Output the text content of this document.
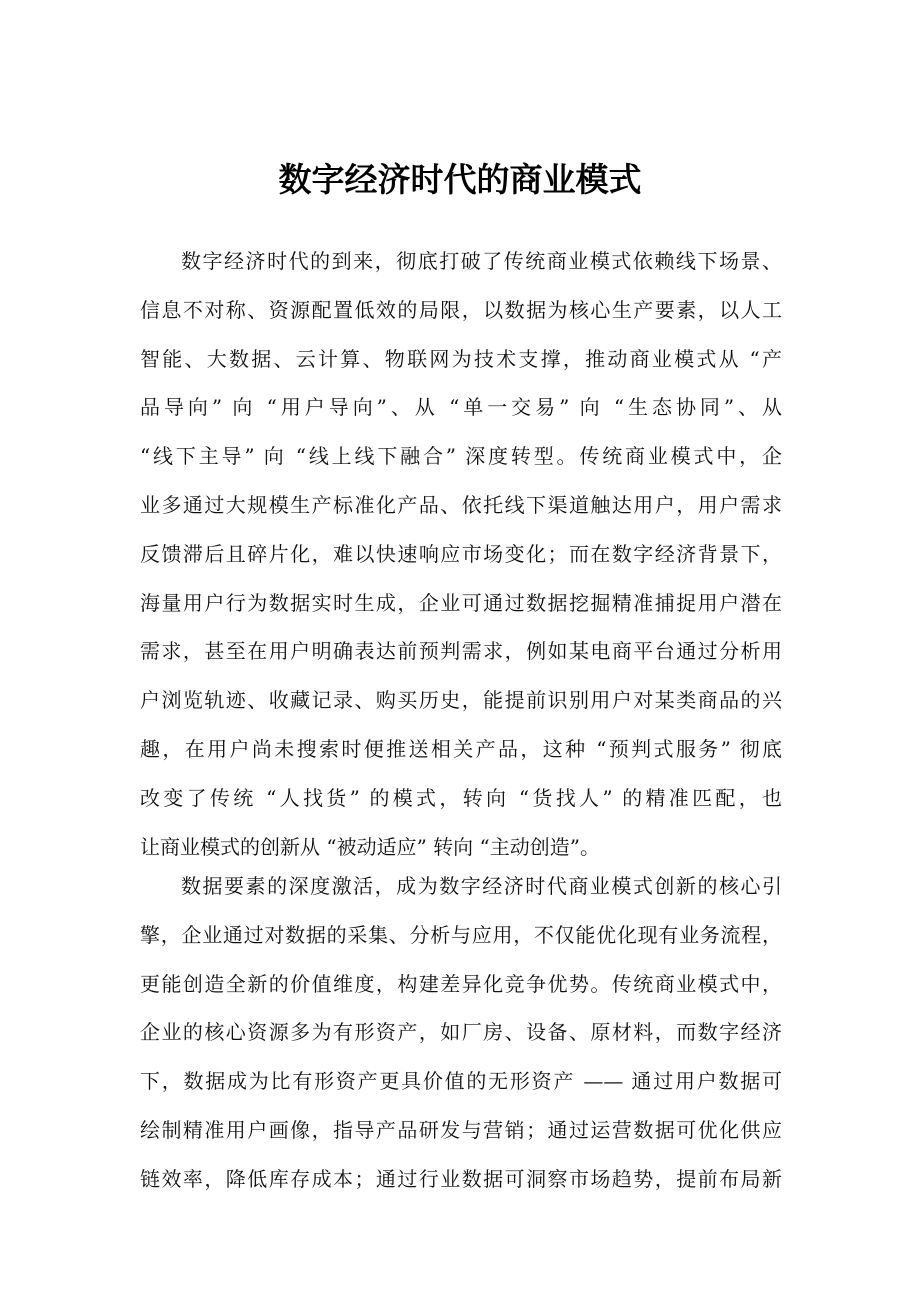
数字经济时代的商业模式
数字经济时代的到来，彻底打破了传统商业模式依赖线下场景、
信息不对称、资源配置低效的局限，以数据为核心生产要素，以人工
智能、大数据、云计算、物联网为技术支撑，推动商业模式从 “产
品导向” 向 “用户导向”、从 “单一交易” 向 “生态协同”、从
“线下主导” 向 “线上线下融合” 深度转型。传统商业模式中，企
业多通过大规模生产标准化产品、依托线下渠道触达用户，用户需求
反馈滞后且碎片化，难以快速响应市场变化；而在数字经济背景下，
海量用户行为数据实时生成，企业可通过数据挖掘精准捕捉用户潜在
需求，甚至在用户明确表达前预判需求，例如某电商平台通过分析用
户浏览轨迹、收藏记录、购买历史，能提前识别用户对某类商品的兴
趣，在用户尚未搜索时便推送相关产品，这种 “预判式服务” 彻底
改变了传统 “人找货” 的模式，转向 “货找人” 的精准匹配，也
让商业模式的创新从 “被动适应” 转向 “主动创造”。
数据要素的深度激活，成为数字经济时代商业模式创新的核心引
擎，企业通过对数据的采集、分析与应用，不仅能优化现有业务流程，
更能创造全新的价值维度，构建差异化竞争优势。传统商业模式中，
企业的核心资源多为有形资产，如厂房、设备、原材料，而数字经济
下，数据成为比有形资产更具价值的无形资产 —— 通过用户数据可
绘制精准用户画像，指导产品研发与营销；通过运营数据可优化供应
链效率，降低库存成本；通过行业数据可洞察市场趋势，提前布局新
